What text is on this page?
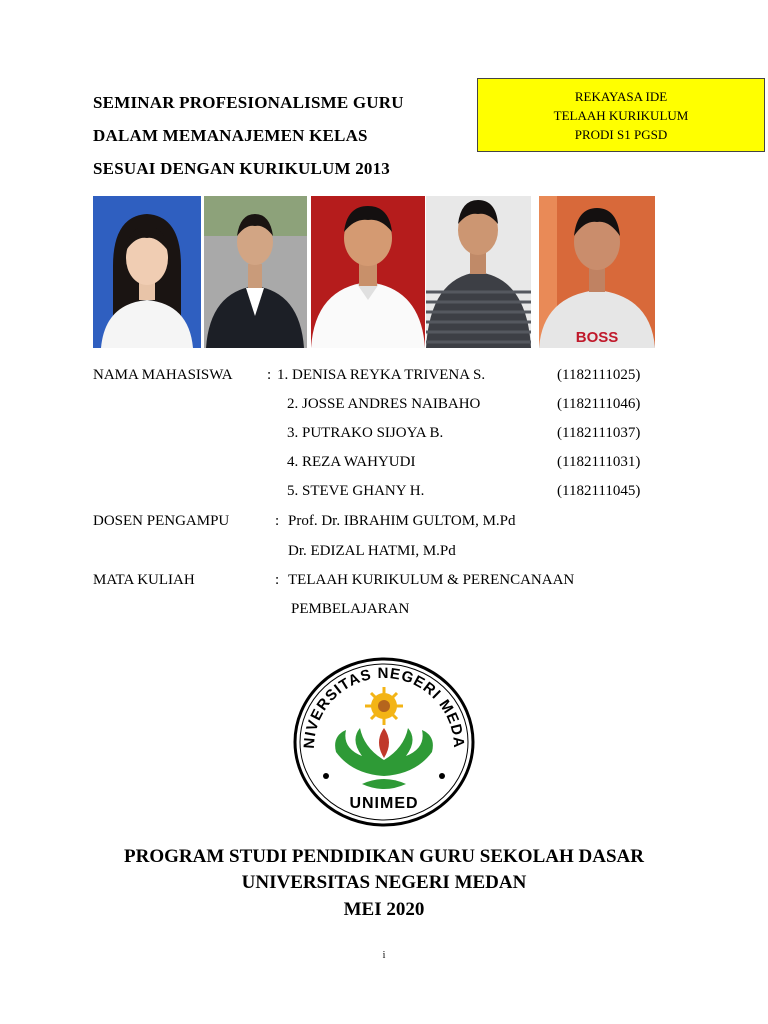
SEMINAR PROFESIONALISME GURU
DALAM MEMANAJEMEN KELAS
SESUAI DENGAN KURIKULUM 2013
REKAYASA IDE
TELAAH KURIKULUM
PRODI S1 PGSD
BOSS
NAMA MAHASISWA : 1. DENISA REYKA TRIVENA S.	(1182111025)
2. JOSSE ANDRES NAIBAHO	(1182111046)
3. PUTRAKO SIJOYA B.	(1182111037)
4. REZA WAHYUDI	(1182111031)
5. STEVE GHANY H.	(1182111045)
DOSEN PENGAMPU	: Prof. Dr. IBRAHIM GULTOM, M.Pd
Dr. EDIZAL HATMI, M.Pd
MATA KULIAH	: TELAAH KURIKULUM & PERENCANAAN
PEMBELAJARAN
NIVERSITAS NEGERI MEDA
UNIMED
PROGRAM STUDI PENDIDIKAN GURU SEKOLAH DASAR
UNIVERSITAS NEGERI MEDAN
MEI 2020
i
